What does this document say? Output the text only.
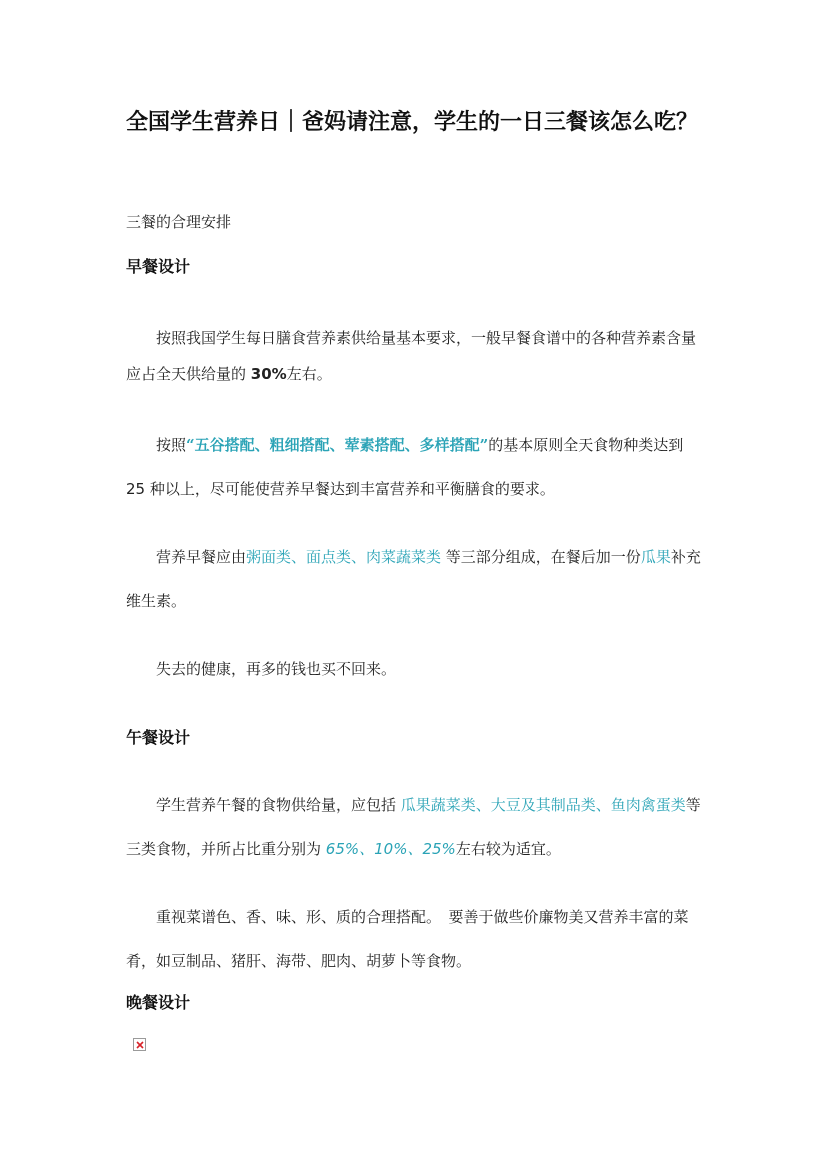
全国学生营养日｜爸妈请注意，学生的一日三餐该怎么吃？

三餐的合理安排

早餐设计

按照我国学生每日膳食营养素供给量基本要求，一般早餐食谱中的各种营养素含量应占全天供给量的 30%左右。

按照“五谷搭配、粗细搭配、荤素搭配、多样搭配”的基本原则全天食物种类达到 25 种以上，尽可能使营养早餐达到丰富营养和平衡膳食的要求。

营养早餐应由粥面类、面点类、肉菜蔬菜类 等三部分组成，在餐后加一份瓜果补充维生素。

失去的健康，再多的钱也买不回来。

午餐设计

学生营养午餐的食物供给量，应包括 瓜果蔬菜类、大豆及其制品类、鱼肉禽蛋类等三类食物，并所占比重分别为 65%、10%、25%左右较为适宜。

重视菜谱色、香、味、形、质的合理搭配。　要善于做些价廉物美又营养丰富的菜肴，如豆制品、猪肝、海带、肥肉、胡萝卜等食物。

晚餐设计
